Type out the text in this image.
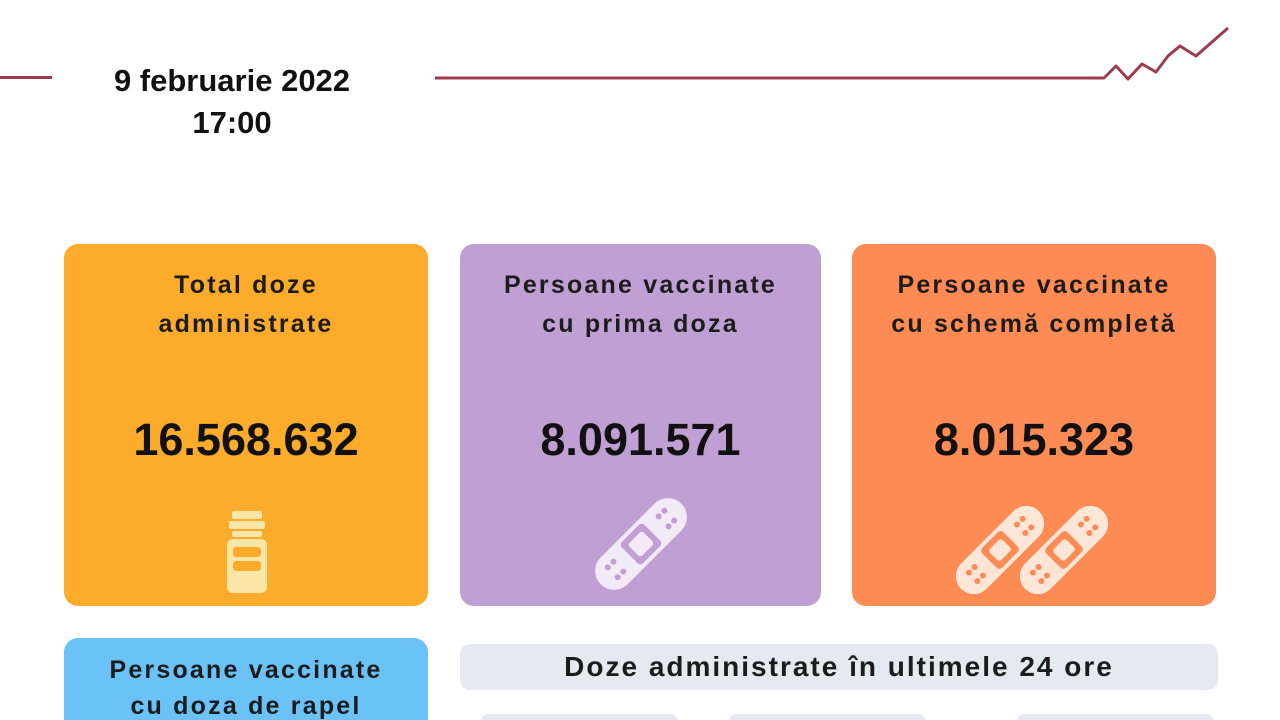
9 februarie 2022
17:00
Total doze
administrate
16.568.632
Persoane vaccinate
cu prima doza
8.091.571
Persoane vaccinate
cu schemă completă
8.015.323
Persoane vaccinate
cu doza de rapel
Doze administrate în ultimele 24 ore
